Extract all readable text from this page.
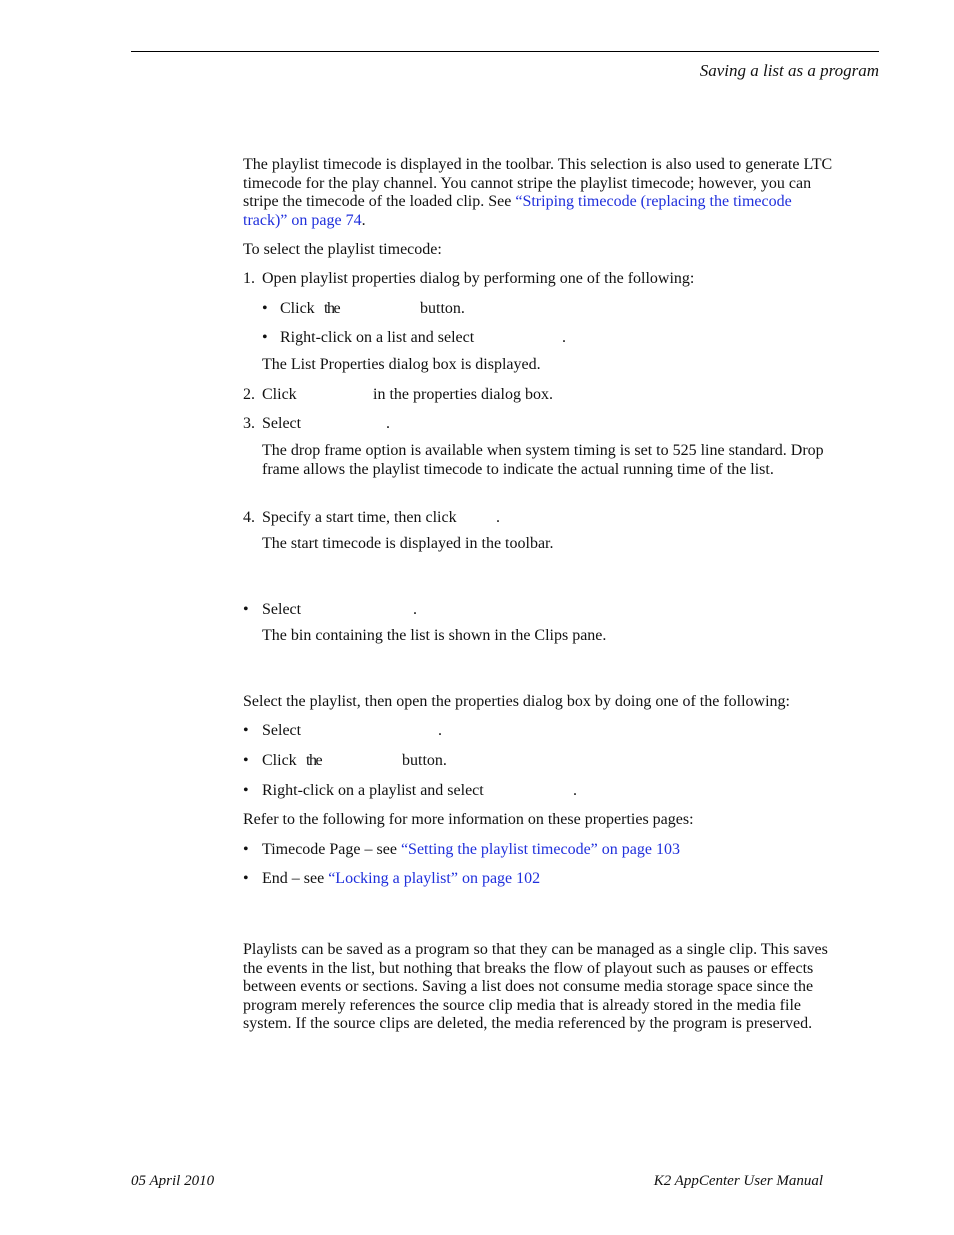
Saving a list as a program
The playlist timecode is displayed in the toolbar. This selection is also used to generate LTC timecode for the play channel. You cannot stripe the playlist timecode; however, you can stripe the timecode of the loaded clip. See “Striping timecode (replacing the timecode track)” on page 74.
To select the playlist timecode:
1. Open playlist properties dialog by performing one of the following:
• Click the	button.
• Right-click on a list and select	.
The List Properties dialog box is displayed.
2. Click	in the properties dialog box.
3. Select	.
The drop frame option is available when system timing is set to 525 line standard. Drop frame allows the playlist timecode to indicate the actual running time of the list.
4. Specify a start time, then click .
The start timecode is displayed in the toolbar.
• Select	.
The bin containing the list is shown in the Clips pane.
Select the playlist, then open the properties dialog box by doing one of the following:
• Select	.
• Click the	button.
• Right-click on a playlist and select	.
Refer to the following for more information on these properties pages:
• Timecode Page – see “Setting the playlist timecode” on page 103
• End – see “Locking a playlist” on page 102
Playlists can be saved as a program so that they can be managed as a single clip. This saves the events in the list, but nothing that breaks the flow of playout such as pauses or effects between events or sections. Saving a list does not consume media storage space since the program merely references the source clip media that is already stored in the media file system. If the source clips are deleted, the media referenced by the program is preserved.
05 April 2010	K2 AppCenter User Manual
